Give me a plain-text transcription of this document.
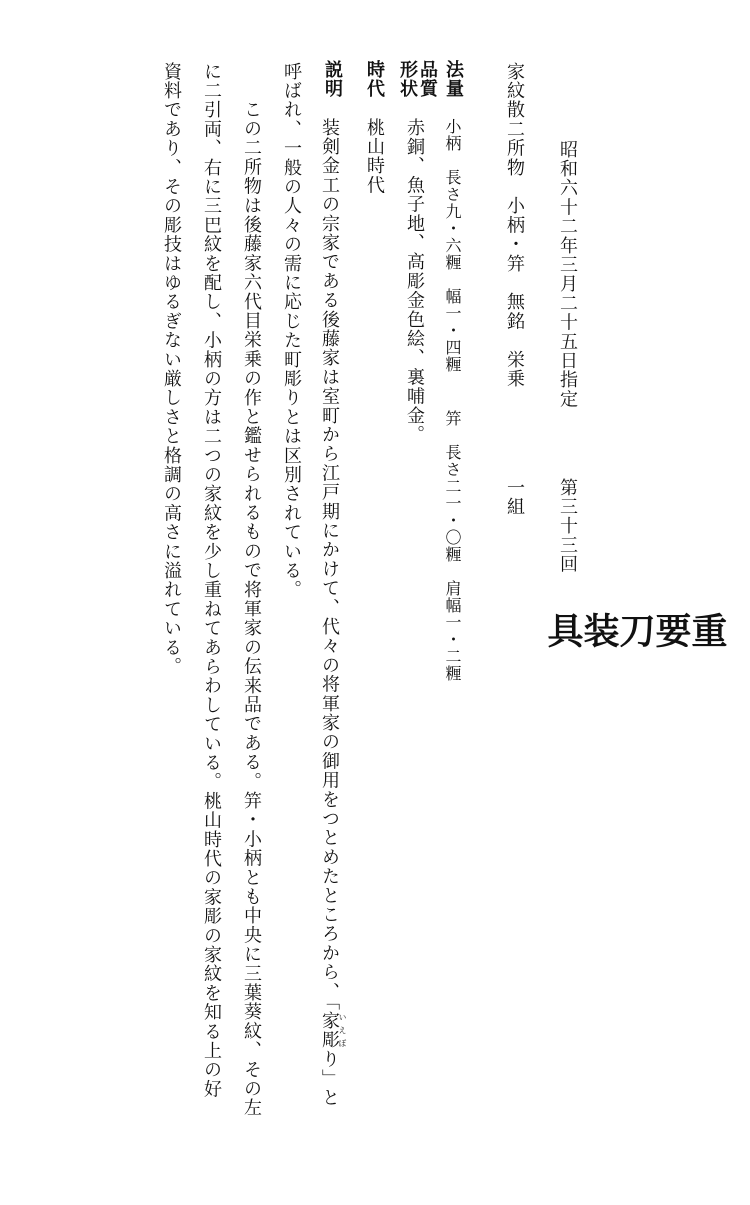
昭和六十二年三月二十五日指定
第三十三回
重
要
刀
装
具
家紋散二所物　小柄・笄　無銘　栄乗
一組
法量
小柄　長さ九・六糎　幅一・四糎
笄　長さ二一・〇糎　肩幅一・二糎
品質
形状
赤銅、魚子地、高彫金色絵、裏哺金。
時代
桃山時代
説明
装剣金工の宗家である後藤家は室町から江戸期にかけて、代々の将軍家の御用をつとめたところから、「家彫いえぼり」と
呼ばれ、一般の人々の需に応じた町彫りとは区別されている。
この二所物は後藤家六代目栄乗の作と鑑せられるもので将軍家の伝来品である。笄・小柄とも中央に三葉葵紋、その左
に二引両、右に三巴紋を配し、小柄の方は二つの家紋を少し重ねてあらわしている。桃山時代の家彫の家紋を知る上の好
資料であり、その彫技はゆるぎない厳しさと格調の高さに溢れている。
